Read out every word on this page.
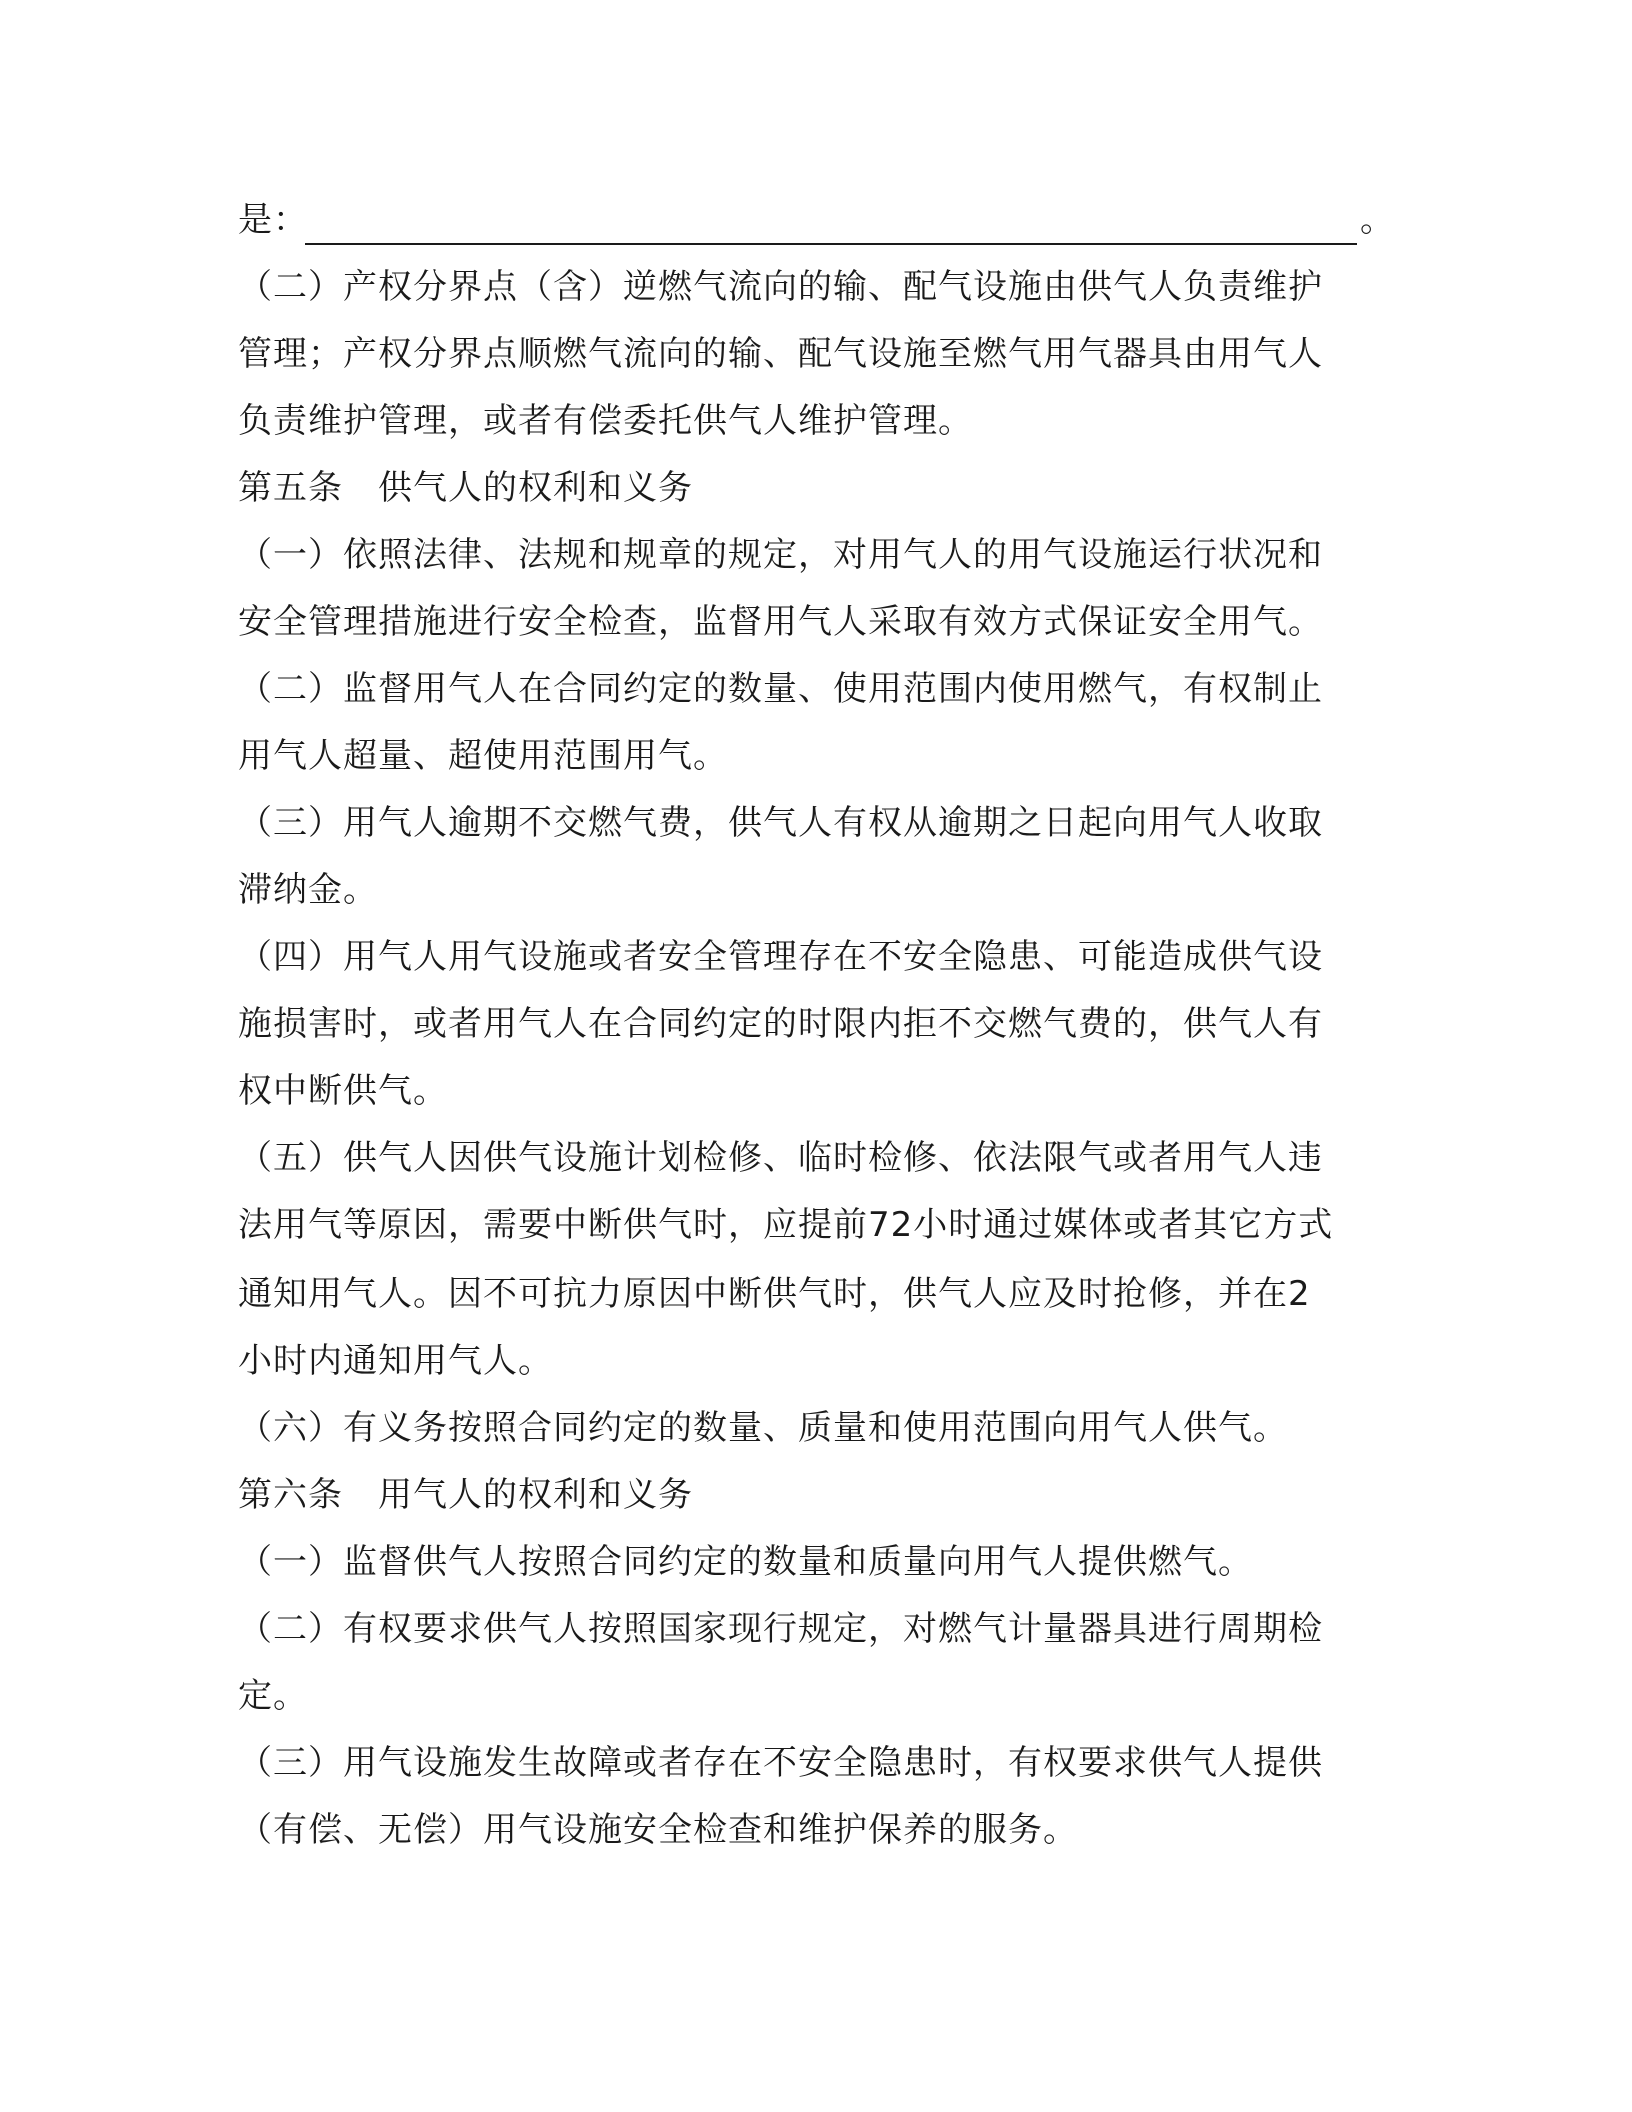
是：	。
（二）产权分界点（含）逆燃气流向的输、配气设施由供气人负责维护
管理；产权分界点顺燃气流向的输、配气设施至燃气用气器具由用气人
负责维护管理，或者有偿委托供气人维护管理。
第五条　供气人的权利和义务
（一）依照法律、法规和规章的规定，对用气人的用气设施运行状况和
安全管理措施进行安全检查，监督用气人采取有效方式保证安全用气。
（二）监督用气人在合同约定的数量、使用范围内使用燃气，有权制止
用气人超量、超使用范围用气。
（三）用气人逾期不交燃气费，供气人有权从逾期之日起向用气人收取
滞纳金。
（四）用气人用气设施或者安全管理存在不安全隐患、可能造成供气设
施损害时，或者用气人在合同约定的时限内拒不交燃气费的，供气人有
权中断供气。
（五）供气人因供气设施计划检修、临时检修、依法限气或者用气人违
法用气等原因，需要中断供气时，应提前72小时通过媒体或者其它方式
通知用气人。因不可抗力原因中断供气时，供气人应及时抢修，并在2
小时内通知用气人。
（六）有义务按照合同约定的数量、质量和使用范围向用气人供气。
第六条　用气人的权利和义务
（一）监督供气人按照合同约定的数量和质量向用气人提供燃气。
（二）有权要求供气人按照国家现行规定，对燃气计量器具进行周期检
定。
（三）用气设施发生故障或者存在不安全隐患时，有权要求供气人提供
（有偿、无偿）用气设施安全检查和维护保养的服务。
